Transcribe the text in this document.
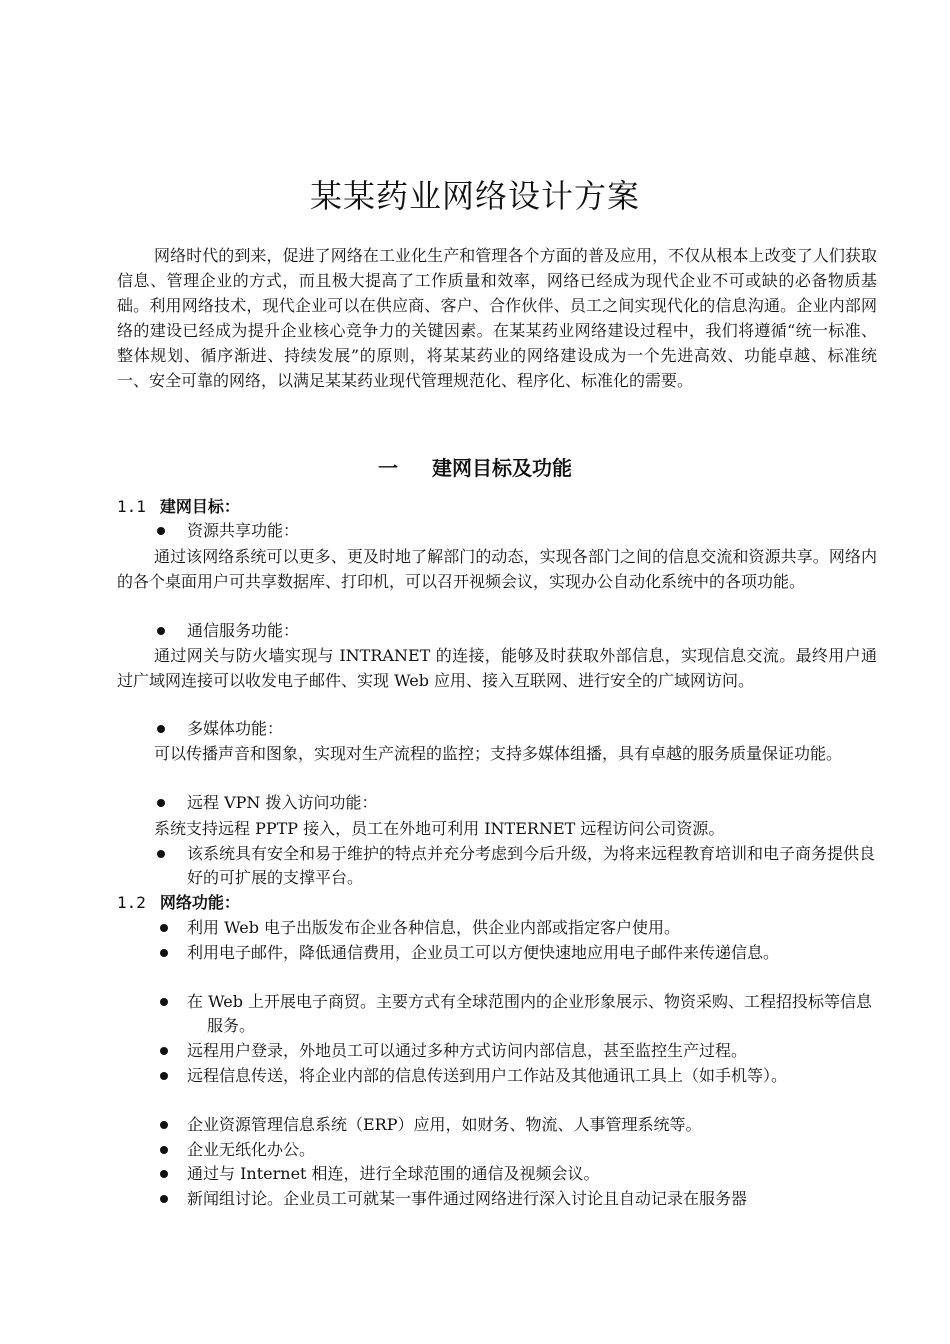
某某药业网络设计方案

网络时代的到来，促进了网络在工业化生产和管理各个方面的普及应用，不仅从根本上改变了人们获取信息、管理企业的方式，而且极大提高了工作质量和效率，网络已经成为现代企业不可或缺的必备物质基础。利用网络技术，现代企业可以在供应商、客户、合作伙伴、员工之间实现代化的信息沟通。企业内部网络的建设已经成为提升企业核心竞争力的关键因素。在某某药业网络建设过程中，我们将遵循“统一标准、整体规划、循序渐进、持续发展”的原则，将某某药业的网络建设成为一个先进高效、功能卓越、标准统一、安全可靠的网络，以满足某某药业现代管理规范化、程序化、标准化的需要。

一 建网目标及功能
1.1 建网目标：
资源共享功能：

通过该网络系统可以更多、更及时地了解部门的动态，实现各部门之间的信息交流和资源共享。网络内的各个桌面用户可共享数据库、打印机，可以召开视频会议，实现办公自动化系统中的各项功能。

通信服务功能：

通过网关与防火墙实现与 INTRANET 的连接，能够及时获取外部信息，实现信息交流。最终用户通过广域网连接可以收发电子邮件、实现 Web 应用、接入互联网、进行安全的广域网访问。

多媒体功能：

可以传播声音和图象，实现对生产流程的监控；支持多媒体组播，具有卓越的服务质量保证功能。

远程 VPN 拨入访问功能：

系统支持远程 PPTP 接入，员工在外地可利用 INTERNET 远程访问公司资源。

该系统具有安全和易于维护的特点并充分考虑到今后升级，为将来远程教育培训和电子商务提供良好的可扩展的支撑平台。
1.2 网络功能：
利用 Web 电子出版发布企业各种信息，供企业内部或指定客户使用。
利用电子邮件，降低通信费用，企业员工可以方便快速地应用电子邮件来传递信息。
在 Web 上开展电子商贸。主要方式有全球范围内的企业形象展示、物资采购、工程招投标等信息服务。
远程用户登录，外地员工可以通过多种方式访问内部信息，甚至监控生产过程。
远程信息传送，将企业内部的信息传送到用户工作站及其他通讯工具上（如手机等）。
企业资源管理信息系统（ERP）应用，如财务、物流、人事管理系统等。
企业无纸化办公。
通过与 Internet 相连，进行全球范围的通信及视频会议。
新闻组讨论。企业员工可就某一事件通过网络进行深入讨论且自动记录在服务器
